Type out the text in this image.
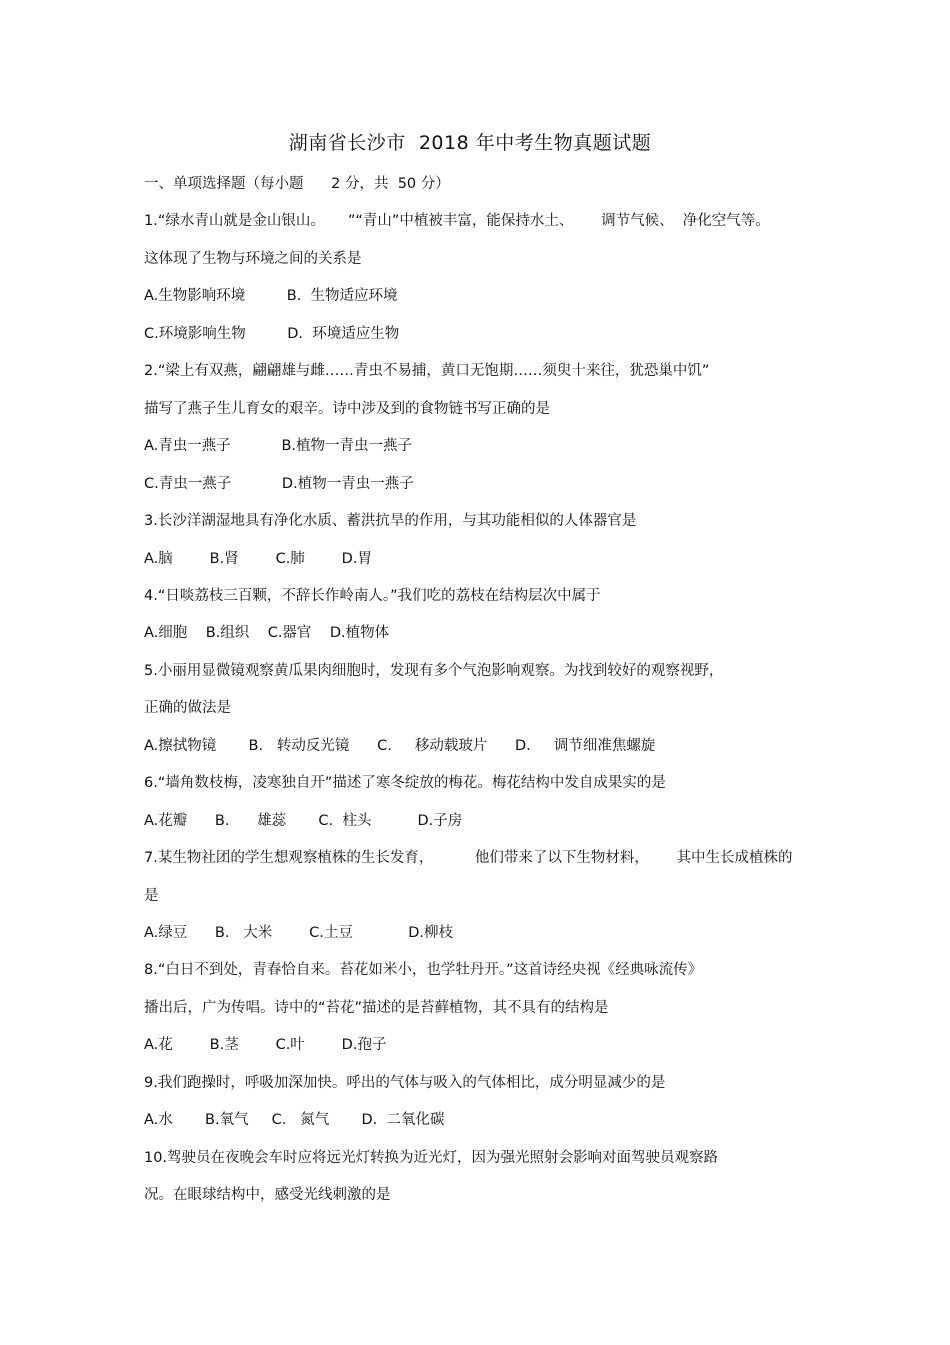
湖南省长沙市  2018 年中考生物真题试题
一、单项选择题（每小题      2 分，共  50 分）
1.“绿水青山就是金山银山。     ”“青山”中植被丰富，能保持水土、      调节气候、  净化空气等。
这体现了生物与环境之间的关系是
A.生物影响环境         B.  生物适应环境
C.环境影响生物         D.  环境适应生物
2.“梁上有双燕，翩翩雄与雌……青虫不易捕，黄口无饱期……须臾十来往，犹恐巢中饥”
描写了燕子生儿育女的艰辛。诗中涉及到的食物链书写正确的是
A.青虫一燕子           B.植物一青虫一燕子
C.青虫一燕子           D.植物一青虫一燕子
3.长沙洋湖湿地具有净化水质、蓄洪抗旱的作用，与其功能相似的人体器官是
A.脑        B.肾        C.肺        D.胃
4.“日啖荔枝三百颗，不辞长作岭南人。”我们吃的荔枝在结构层次中属于
A.细胞    B.组织    C.器官    D.植物体
5.小丽用显微镜观察黄瓜果肉细胞时，发现有多个气泡影响观察。为找到较好的观察视野，
正确的做法是
A.擦拭物镜       B.   转动反光镜      C.     移动载玻片      D.     调节细准焦螺旋
6.“墙角数枝梅，凌寒独自开”描述了寒冬绽放的梅花。梅花结构中发自成果实的是
A.花瓣      B.      雄蕊       C.  柱头          D.子房
7.某生物社团的学生想观察植株的生长发育，         他们带来了以下生物材料，      其中生长成植株的
是
A.绿豆      B.   大米        C.土豆            D.柳枝
8.“白日不到处，青春恰自来。苔花如米小，也学牡丹开。”这首诗经央视《经典咏流传》
播出后，广为传唱。诗中的“苔花”描述的是苔藓植物，其不具有的结构是
A.花        B.茎        C.叶        D.孢子
9.我们跑操时，呼吸加深加快。呼出的气体与吸入的气体相比，成分明显减少的是
A.水       B.氧气     C.   氮气       D.  二氧化碳
10.驾驶员在夜晚会车时应将远光灯转换为近光灯，因为强光照射会影响对面驾驶员观察路
况。在眼球结构中，感受光线刺激的是
